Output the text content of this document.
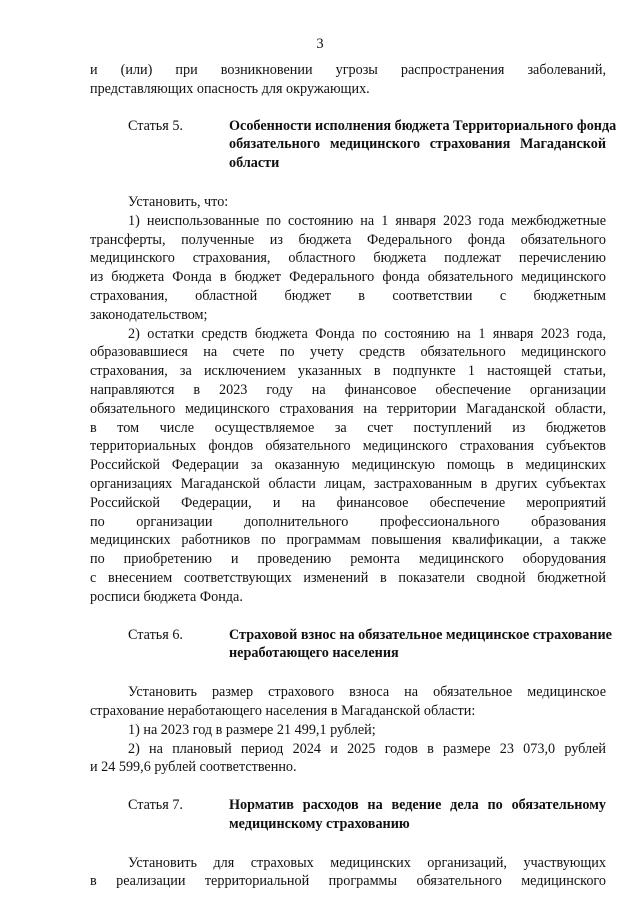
3
и (или) при возникновении угрозы распространения заболеваний,
представляющих опасность для окружающих.
Статья 5.	Особенности исполнения бюджета Территориального фонда
обязательного медицинского страхования Магаданской
области
Установить, что:
1) неиспользованные по состоянию на 1 января 2023 года межбюджетные
трансферты, полученные из бюджета Федерального фонда обязательного
медицинского страхования, областного бюджета подлежат перечислению
из бюджета Фонда в бюджет Федерального фонда обязательного медицинского
страхования, областной бюджет в соответствии с бюджетным
законодательством;
2) остатки средств бюджета Фонда по состоянию на 1 января 2023 года,
образовавшиеся на счете по учету средств обязательного медицинского
страхования, за исключением указанных в подпункте 1 настоящей статьи,
направляются в 2023 году на финансовое обеспечение организации
обязательного медицинского страхования на территории Магаданской области,
в том числе осуществляемое за счет поступлений из бюджетов
территориальных фондов обязательного медицинского страхования субъектов
Российской Федерации за оказанную медицинскую помощь в медицинских
организациях Магаданской области лицам, застрахованным в других субъектах
Российской Федерации, и на финансовое обеспечение мероприятий
по организации дополнительного профессионального образования
медицинских работников по программам повышения квалификации, а также
по приобретению и проведению ремонта медицинского оборудования
с внесением соответствующих изменений в показатели сводной бюджетной
росписи бюджета Фонда.
Статья 6.	Страховой взнос на обязательное медицинское страхование
неработающего населения
Установить размер страхового взноса на обязательное медицинское
страхование неработающего населения в Магаданской области:
1) на 2023 год в размере 21 499,1 рублей;
2) на плановый период 2024 и 2025 годов в размере 23 073,0 рублей
и 24 599,6 рублей соответственно.
Статья 7.	Норматив расходов на ведение дела по обязательному
медицинскому страхованию
Установить для страховых медицинских организаций, участвующих
в реализации территориальной программы обязательного медицинского
